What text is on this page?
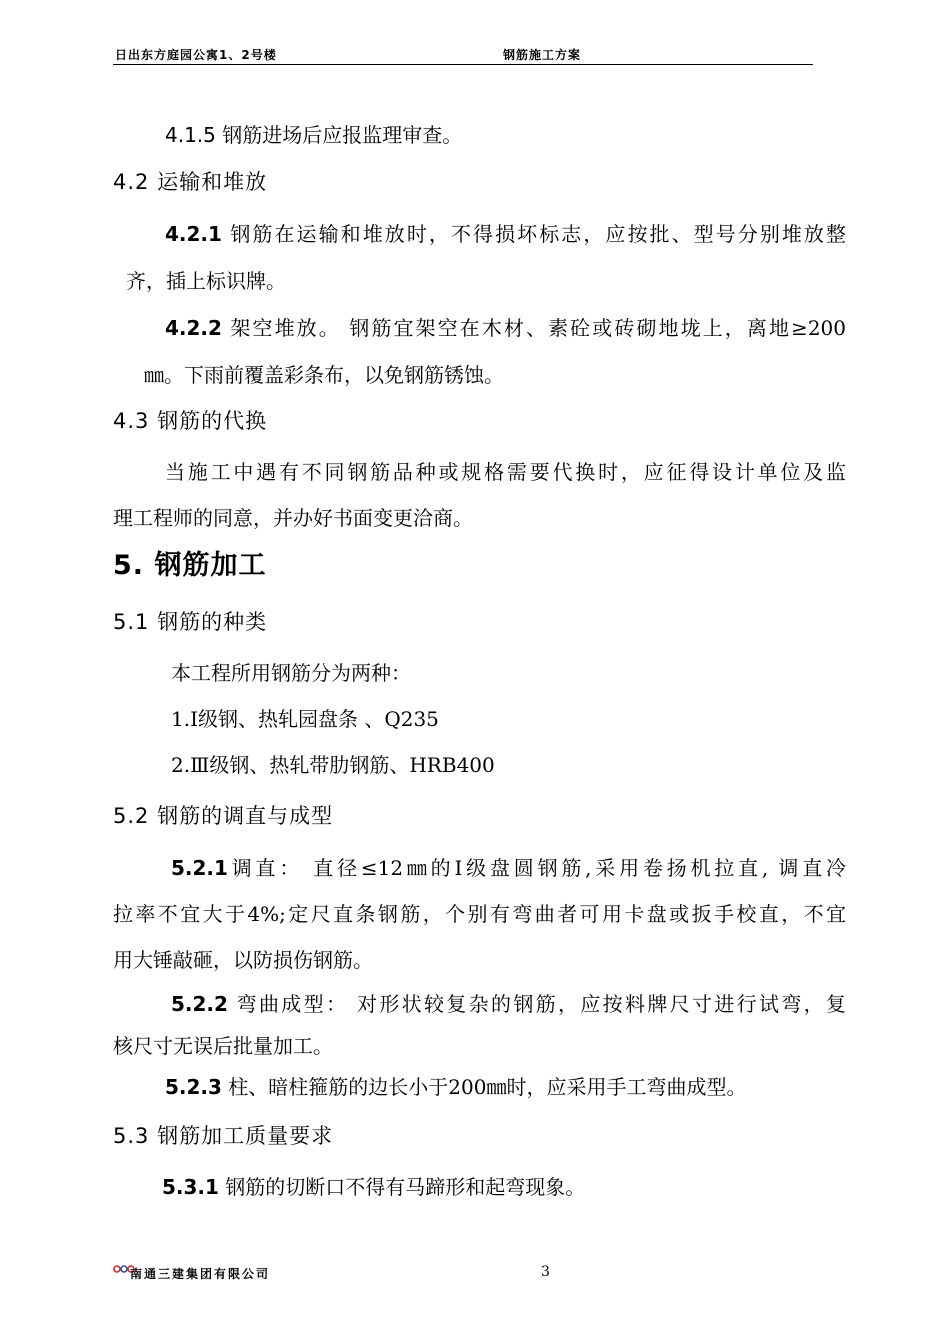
日出东方庭园公寓1、2号楼	钢筋施工方案
4.1.5 钢筋进场后应报监理审查。
4.2 运输和堆放
4.2.1 钢筋在运输和堆放时，不得损坏标志，应按批、型号分别堆放整
齐，插上标识牌。
4.2.2 架空堆放。 钢筋宜架空在木材、素砼或砖砌地垅上，离地≥200
㎜。下雨前覆盖彩条布，以免钢筋锈蚀。
4.3 钢筋的代换
当施工中遇有不同钢筋品种或规格需要代换时，应征得设计单位及监
理工程师的同意，并办好书面变更洽商。
5. 钢筋加工
5.1 钢筋的种类
本工程所用钢筋分为两种：
1.Ⅰ级钢、热轧园盘条 、Q235
2.Ⅲ级钢、热轧带肋钢筋、HRB400
5.2 钢筋的调直与成型
5.2.1调直： 直径≤12㎜的Ⅰ级盘圆钢筋,采用卷扬机拉直, 调直冷
拉率不宜大于4%;定尺直条钢筋，个别有弯曲者可用卡盘或扳手校直，不宜
用大锤敲砸，以防损伤钢筋。
5.2.2 弯曲成型： 对形状较复杂的钢筋，应按料牌尺寸进行试弯，复
核尺寸无误后批量加工。
5.2.3 柱、暗柱箍筋的边长小于200㎜时，应采用手工弯曲成型。
5.3 钢筋加工质量要求
5.3.1 钢筋的切断口不得有马蹄形和起弯现象。
南通三建集团有限公司	3
